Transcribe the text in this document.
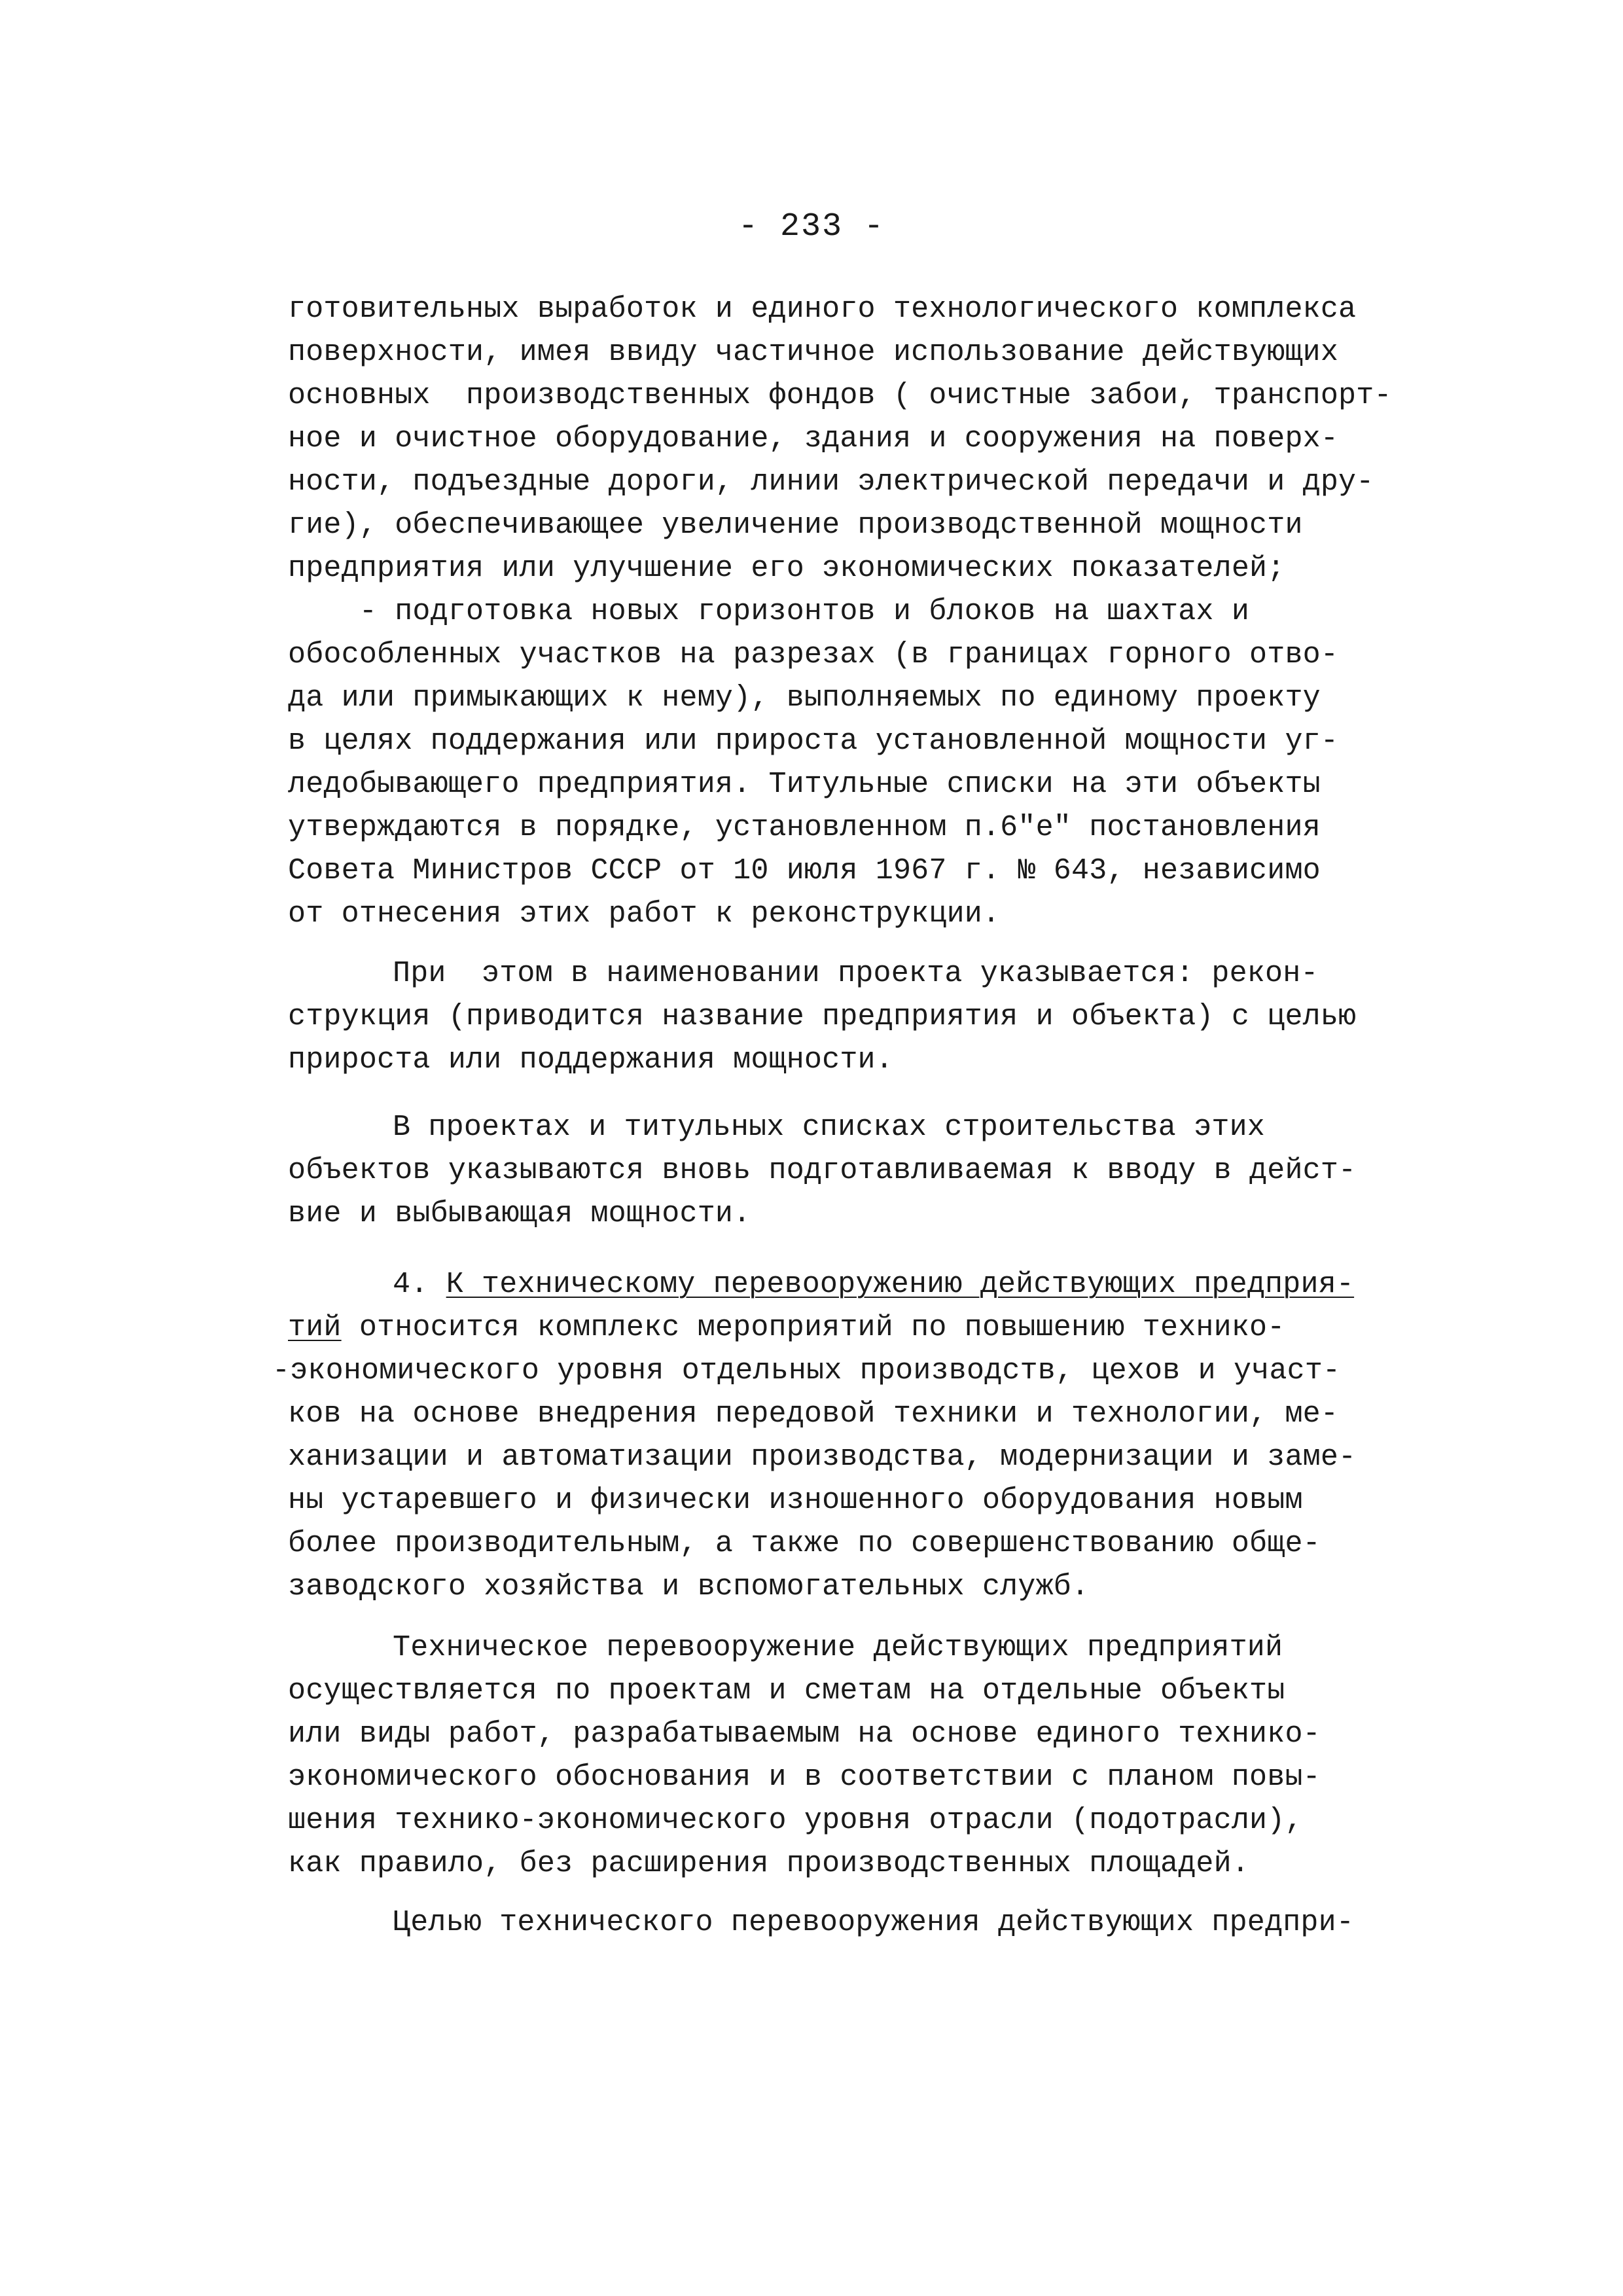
- 233 -
готовительных выработок и единого технологического комплекса
поверхности, имея ввиду частичное использование действующих
основных  производственных фондов ( очистные забои, транспорт-
ное и очистное оборудование, здания и сооружения на поверх-
ности, подъездные дороги, линии электрической передачи и дру-
гие), обеспечивающее увеличение производственной мощности
предприятия или улучшение его экономических показателей;
- подготовка новых горизонтов и блоков на шахтах и
обособленных участков на разрезах (в границах горного отво-
да или примыкающих к нему), выполняемых по единому проекту
в целях поддержания или прироста установленной мощности уг-
ледобывающего предприятия. Титульные списки на эти объекты
утверждаются в порядке, установленном п.6"е" постановления
Совета Министров СССР от 10 июля 1967 г. № 643, независимо
от отнесения этих работ к реконструкции.
При  этом в наименовании проекта указывается: рекон-
струкция (приводится название предприятия и объекта) с целью
прироста или поддержания мощности.
В проектах и титульных списках строительства этих
объектов указываются вновь подготавливаемая к вводу в дейст-
вие и выбывающая мощности.
4. К техническому перевооружению действующих предприя-
тий относится комплекс мероприятий по повышению технико-
-экономического уровня отдельных производств, цехов и участ-
ков на основе внедрения передовой техники и технологии, ме-
ханизации и автоматизации производства, модернизации и заме-
ны устаревшего и физически изношенного оборудования новым
более производительным, а также по совершенствованию обще-
заводского хозяйства и вспомогательных служб.
Техническое перевооружение действующих предприятий
осуществляется по проектам и сметам на отдельные объекты
или виды работ, разрабатываемым на основе единого технико-
экономического обоснования и в соответствии с планом повы-
шения технико-экономического уровня отрасли (подотрасли),
как правило, без расширения производственных площадей.
Целью технического перевооружения действующих предпри-
